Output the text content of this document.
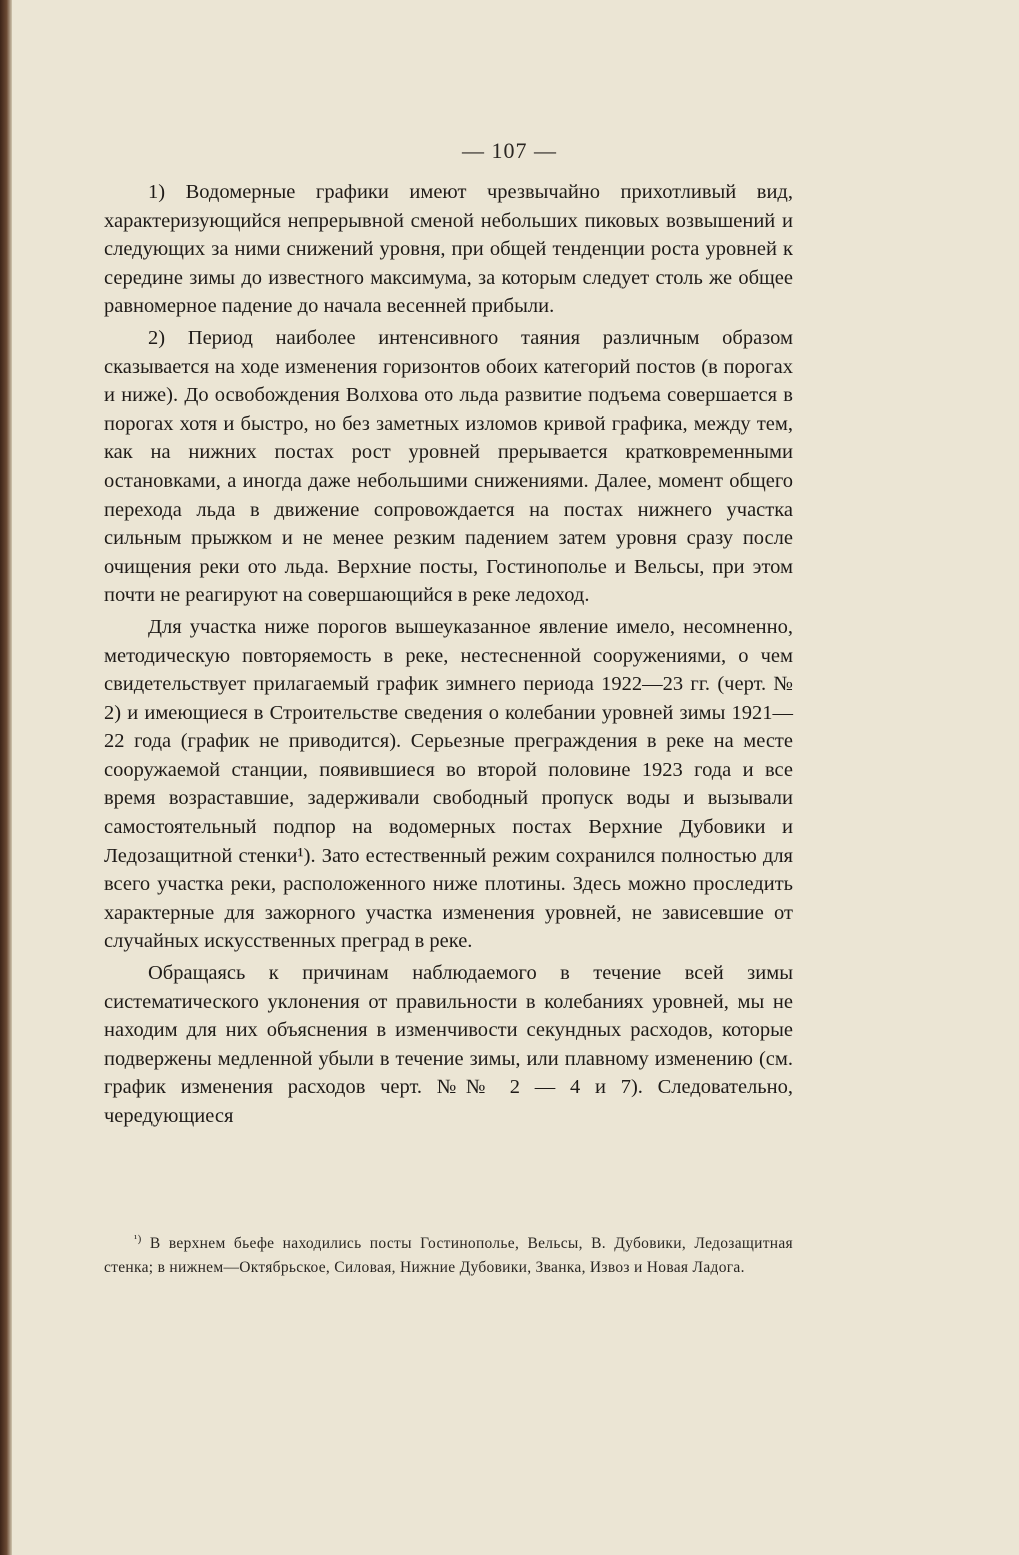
— 107 —

1) Водомерные графики имеют чрезвычайно прихотливый вид, характеризующийся непрерывной сменой небольших пиковых возвышений и следующих за ними снижений уровня, при общей тенденции роста уровней к середине зимы до известного максимума, за которым следует столь же общее равномерное падение до начала весенней прибыли.

2) Период наиболее интенсивного таяния различным образом сказывается на ходе изменения горизонтов обоих категорий постов (в порогах и ниже). До освобождения Волхова ото льда развитие подъема совершается в порогах хотя и быстро, но без заметных изломов кривой графика, между тем, как на нижних постах рост уровней прерывается кратковременными остановками, а иногда даже небольшими снижениями. Далее, момент общего перехода льда в движение сопровождается на постах нижнего участка сильным прыжком и не менее резким падением затем уровня сразу после очищения реки ото льда. Верхние посты, Гостинополье и Вельсы, при этом почти не реагируют на совершающийся в реке ледоход.

Для участка ниже порогов вышеуказанное явление имело, несомненно, методическую повторяемость в реке, нестесненной сооружениями, о чем свидетельствует прилагаемый график зимнего периода 1922—23 гг. (черт. № 2) и имеющиеся в Строительстве сведения о колебании уровней зимы 1921—22 года (график не приводится). Серьезные преграждения в реке на месте сооружаемой станции, появившиеся во второй половине 1923 года и все время возраставшие, задерживали свободный пропуск воды и вызывали самостоятельный подпор на водомерных постах Верхние Дубовики и Ледозащитной стенки¹). Зато естественный режим сохранился полностью для всего участка реки, расположенного ниже плотины. Здесь можно проследить характерные для зажорного участка изменения уровней, не зависевшие от случайных искусственных преград в реке.

Обращаясь к причинам наблюдаемого в течение всей зимы систематического уклонения от правильности в колебаниях уровней, мы не находим для них объяснения в изменчивости секундных расходов, которые подвержены медленной убыли в течение зимы, или плавному изменению (см. график изменения расходов черт. №№ 2 — 4 и 7). Следовательно, чередующиеся

$^{^1)}$ В верхнем бьефе находились посты Гостинополье, Вельсы, В. Дубовики, Ледозащитная стенка; в нижнем—Октябрьское, Силовая, Нижние Дубовики, Званка, Извоз и Новая Ладога.
